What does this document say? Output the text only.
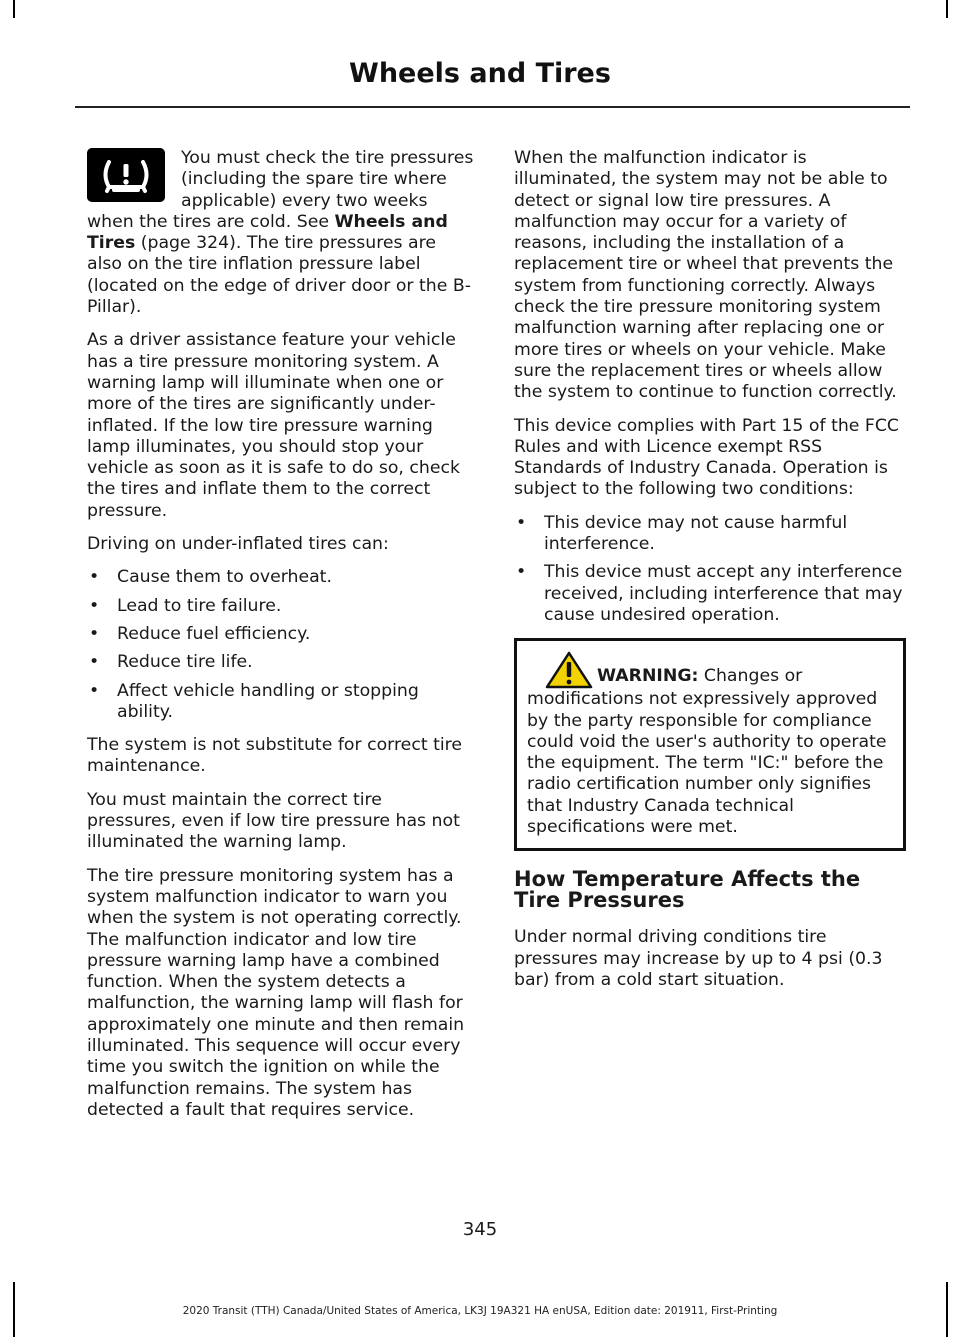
Wheels and Tires

You must check the tire pressures (including the spare tire where applicable) every two weeks when the tires are cold. See Wheels and Tires (page 324). The tire pressures are also on the tire inflation pressure label (located on the edge of driver door or the B-Pillar).

As a driver assistance feature your vehicle has a tire pressure monitoring system. A warning lamp will illuminate when one or more of the tires are significantly under-inflated. If the low tire pressure warning lamp illuminates, you should stop your vehicle as soon as it is safe to do so, check the tires and inflate them to the correct pressure.

Driving on under-inflated tires can:

• Cause them to overheat.
• Lead to tire failure.
• Reduce fuel efficiency.
• Reduce tire life.
• Affect vehicle handling or stopping ability.

The system is not substitute for correct tire maintenance.

You must maintain the correct tire pressures, even if low tire pressure has not illuminated the warning lamp.

The tire pressure monitoring system has a system malfunction indicator to warn you when the system is not operating correctly. The malfunction indicator and low tire pressure warning lamp have a combined function. When the system detects a malfunction, the warning lamp will flash for approximately one minute and then remain illuminated. This sequence will occur every time you switch the ignition on while the malfunction remains. The system has detected a fault that requires service.

When the malfunction indicator is illuminated, the system may not be able to detect or signal low tire pressures. A malfunction may occur for a variety of reasons, including the installation of a replacement tire or wheel that prevents the system from functioning correctly. Always check the tire pressure monitoring system malfunction warning after replacing one or more tires or wheels on your vehicle. Make sure the replacement tires or wheels allow the system to continue to function correctly.

This device complies with Part 15 of the FCC Rules and with Licence exempt RSS Standards of Industry Canada. Operation is subject to the following two conditions:

• This device may not cause harmful interference.
• This device must accept any interference received, including interference that may cause undesired operation.
WARNING: Changes or modifications not expressively approved by the party responsible for compliance could void the user's authority to operate the equipment. The term "IC:" before the radio certification number only signifies that Industry Canada technical specifications were met.
How Temperature Affects the Tire Pressures

Under normal driving conditions tire pressures may increase by up to 4 psi (0.3 bar) from a cold start situation.

345
2020 Transit (TTH) Canada/United States of America, LK3J 19A321 HA enUSA, Edition date: 201911, First-Printing
